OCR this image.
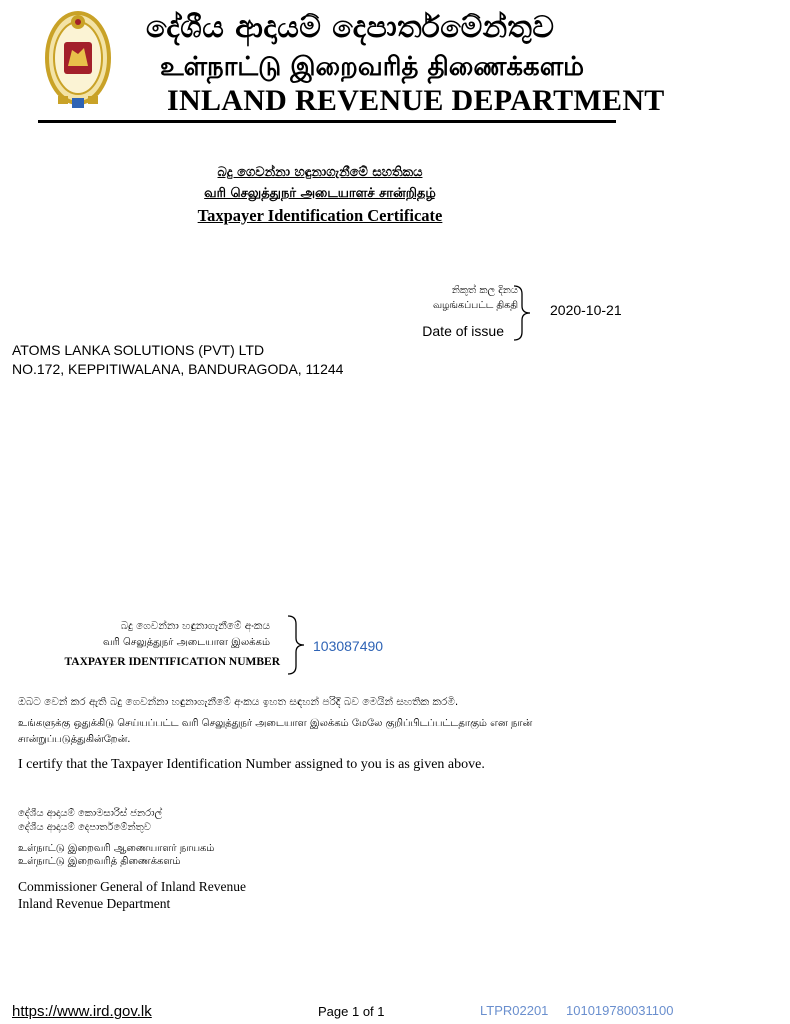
දේශීය ආදායම් දෙපාර්තමේන්තුව
உள்நாட்டு இறைவரித் திணைக்களம்
INLAND REVENUE DEPARTMENT
බදු ගෙවන්නා හඳුනාගැනීමේ සහතිකය
வரி செலுத்துநர் அடையாளச் சான்றிதழ்
Taxpayer Identification Certificate
නිකුත් කල දිනය
வழங்கப்பட்ட திகதி
Date of issue
2020-10-21
ATOMS LANKA SOLUTIONS (PVT) LTD
NO.172, KEPPITIWALANA, BANDURAGODA, 11244
බදු ගෙවන්නා හඳුනාගැනීමේ අංකය
வரி செலுத்துநர் அடையாள இலக்கம்
TAXPAYER IDENTIFICATION NUMBER
103087490
ඔබට වෙන් කර ඇති බදු ගෙවන්නා හඳුනාගැනීමේ අංකය ඉහත සඳහන් පරිදි බව මෙයින් සහතික කරමි.
உங்களுக்கு ஒதுக்கிடு செய்யப்பட்ட வரி செலுத்துநர் அடையாள இலக்கம் மேலே குறிப்பிடப்பட்டதாகும் என நான் சான்றுப்படுத்துகின்றேன்.
I certify that the Taxpayer Identification Number assigned to you is as given above.
දේශීය ආදායම් කොමසාරිස් ජනරාල්
දේශීය ආදායම් දෙපාර්තමේන්තුව
உள்நாட்டு இறைவரி ஆணையாளர் நாயகம்
உள்நாட்டு இறைவரித் திணைக்களம்
Commissioner General of Inland Revenue
Inland Revenue Department
https://www.ird.gov.lk	Page 1 of 1	LTPR02201 101019780031100
